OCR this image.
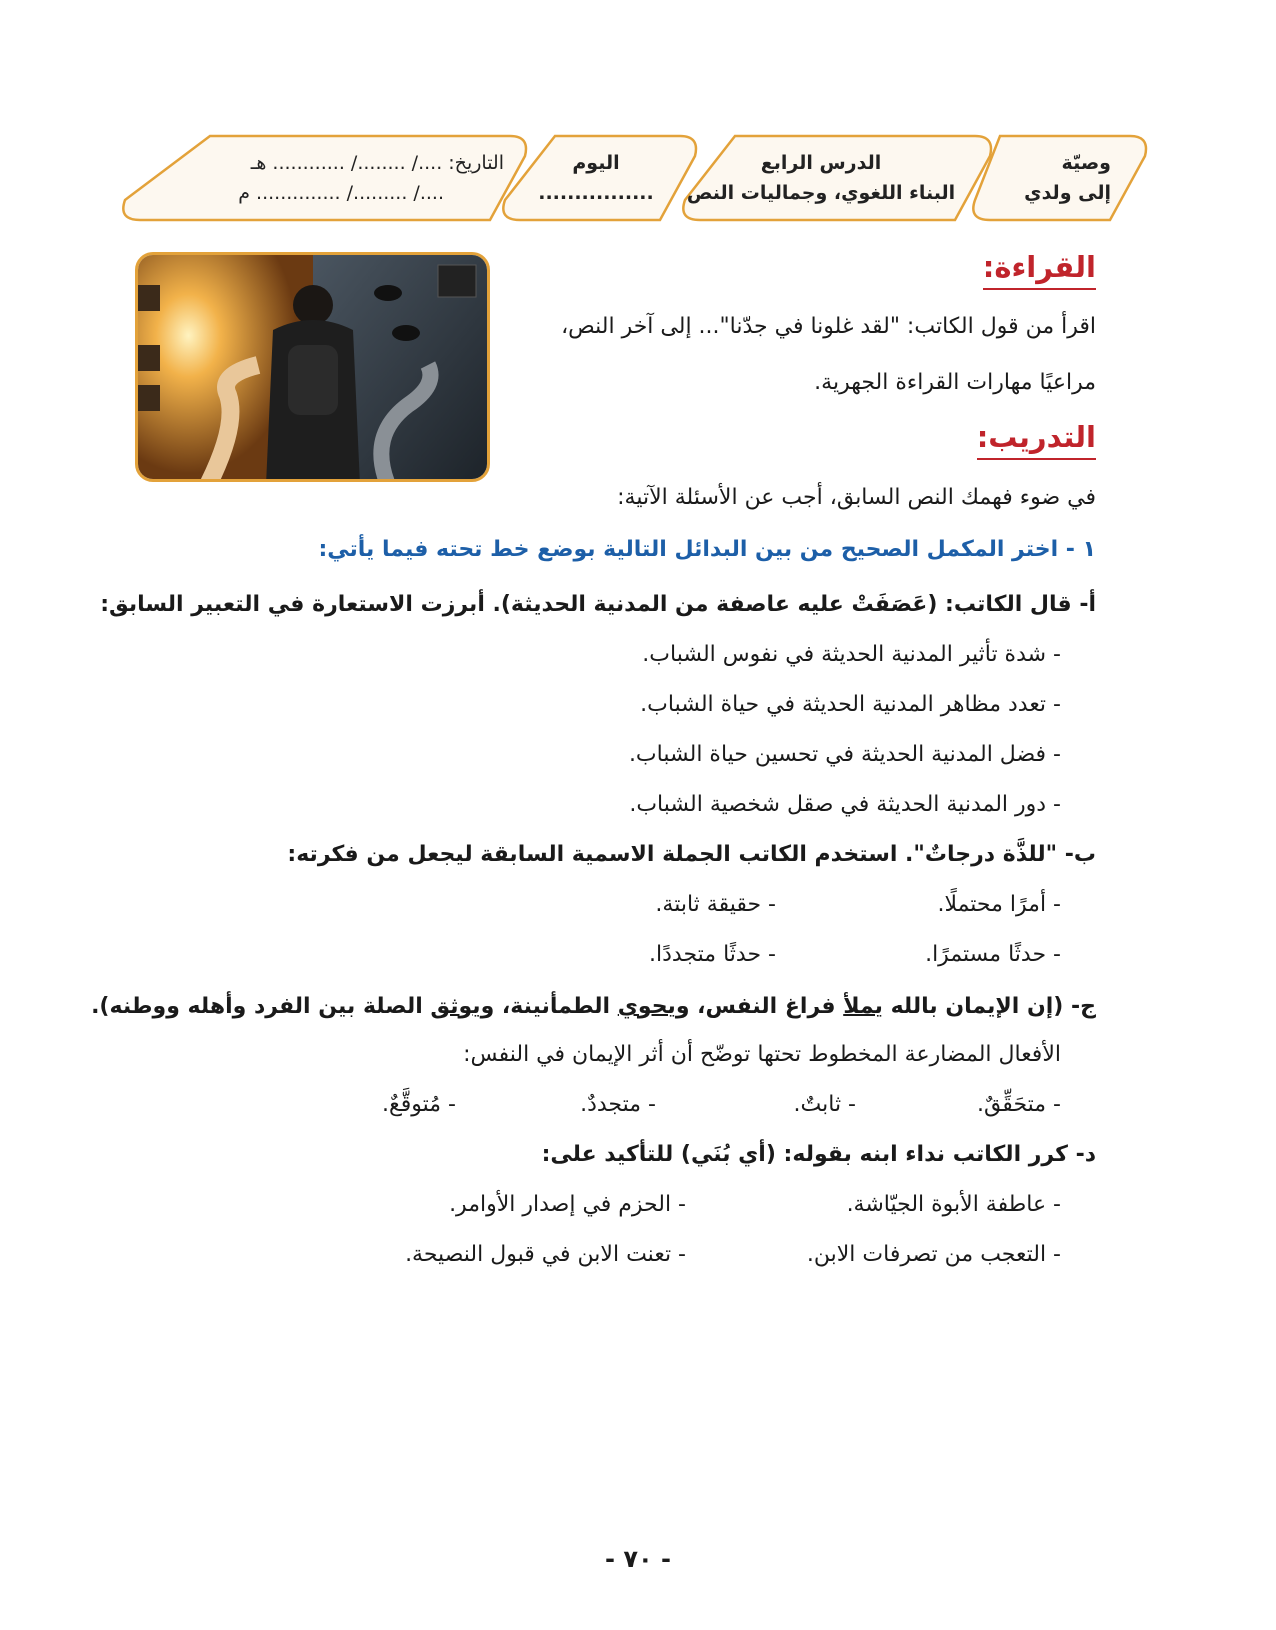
وصيّة
إلى ولدي
الدرس الرابع
البناء اللغوي، وجماليات النص
اليوم
................
التاريخ: ..../ ......../ ............ هـ
..../ ........./ .............. م
القراءة:
اقرأ من قول الكاتب: "لقد غلونا في جدّنا"... إلى آخر النص،
مراعيًا مهارات القراءة الجهرية.
التدريب:
في ضوء فهمك النص السابق، أجب عن الأسئلة الآتية:
١ - اختر المكمل الصحيح من بين البدائل التالية بوضع خط تحته فيما يأتي:
أ- قال الكاتب: (عَصَفَتْ عليه عاصفة من المدنية الحديثة). أبرزت الاستعارة في التعبير السابق:
- شدة تأثير المدنية الحديثة في نفوس الشباب.
- تعدد مظاهر المدنية الحديثة في حياة الشباب.
- فضل المدنية الحديثة في تحسين حياة الشباب.
- دور المدنية الحديثة في صقل شخصية الشباب.
ب- "للذَّة درجاتٌ". استخدم الكاتب الجملة الاسمية السابقة ليجعل من فكرته:
- أمرًا محتملًا.
- حقيقة ثابتة.
- حدثًا مستمرًا.
- حدثًا متجددًا.
ج- (إن الإيمان بالله يملأ فراغ النفس، ويحوي الطمأنينة، ويوثق الصلة بين الفرد وأهله ووطنه).
الأفعال المضارعة المخطوط تحتها توضّح أن أثر الإيمان في النفس:
- متحَقِّقٌ.
- ثابتٌ.
- متجددٌ.
- مُتوقَّعٌ.
د- كرر الكاتب نداء ابنه بقوله: (أي بُنَي) للتأكيد على:
- عاطفة الأبوة الجيّاشة.
- الحزم في إصدار الأوامر.
- التعجب من تصرفات الابن.
- تعنت الابن في قبول النصيحة.
- ٧٠ -
